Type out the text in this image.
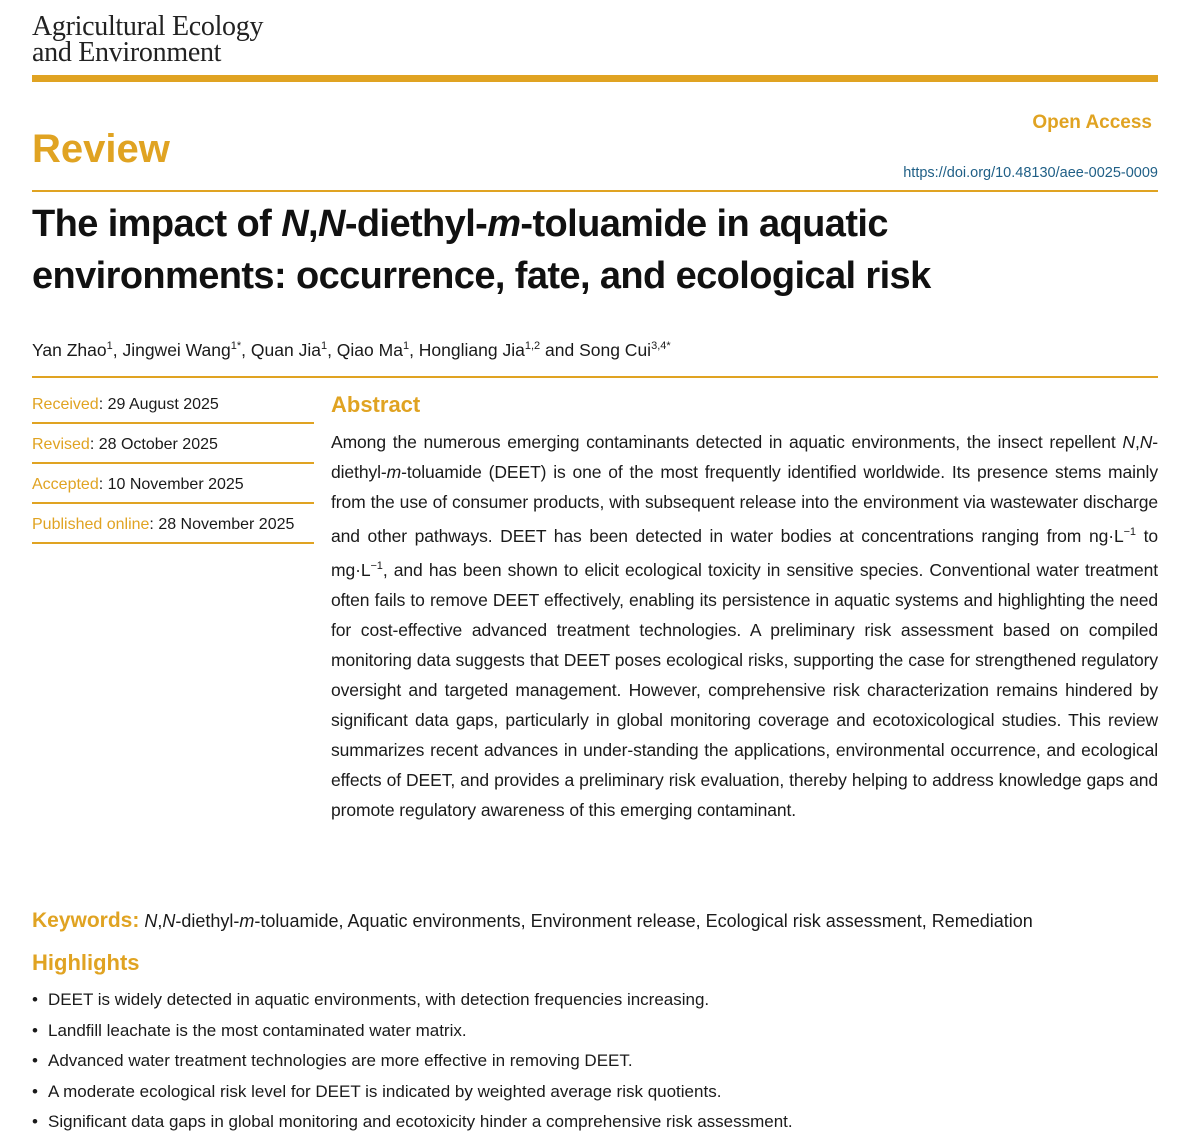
Agricultural Ecology
and Environment
Open Access
Review
https://doi.org/10.48130/aee-0025-0009
The impact of N,N-diethyl-m-toluamide in aquatic
environments: occurrence, fate, and ecological risk
Yan Zhao$^1$, Jingwei Wang$^{1*}$, Quan Jia$^1$, Qiao Ma$^1$, Hongliang Jia$^{1,2}$ and Song Cui$^{3,4*}$
Received: 29 August 2025
Revised: 28 October 2025
Accepted: 10 November 2025
Published online: 28 November 2025
Abstract
Among the numerous emerging contaminants detected in aquatic environments, the insect repellent N,N-diethyl-m-toluamide (DEET) is one of the most frequently identified worldwide. Its presence stems mainly from the use of consumer products, with subsequent release into the environment via wastewater discharge and other pathways. DEET has been detected in water bodies at concentrations ranging from $ng\cdot L^{-1}$ to $mg\cdot L^{-1}$, and has been shown to elicit ecological toxicity in sensitive species. Conventional water treatment often fails to remove DEET effectively, enabling its persistence in aquatic systems and highlighting the need for cost-effective advanced treatment technologies. A preliminary risk assessment based on compiled monitoring data suggests that DEET poses ecological risks, supporting the case for strengthened regulatory oversight and targeted management. However, comprehensive risk characterization remains hindered by significant data gaps, particularly in global monitoring coverage and ecotoxicological studies. This review summarizes recent advances in under-standing the applications, environmental occurrence, and ecological effects of DEET, and provides a preliminary risk evaluation, thereby helping to address knowledge gaps and promote regulatory awareness of this emerging contaminant.
Keywords: N,N-diethyl-m-toluamide, Aquatic environments, Environment release, Ecological risk assessment, Remediation
Highlights
• DEET is widely detected in aquatic environments, with detection frequencies increasing.
• Landfill leachate is the most contaminated water matrix.
• Advanced water treatment technologies are more effective in removing DEET.
• A moderate ecological risk level for DEET is indicated by weighted average risk quotients.
• Significant data gaps in global monitoring and ecotoxicity hinder a comprehensive risk assessment.
